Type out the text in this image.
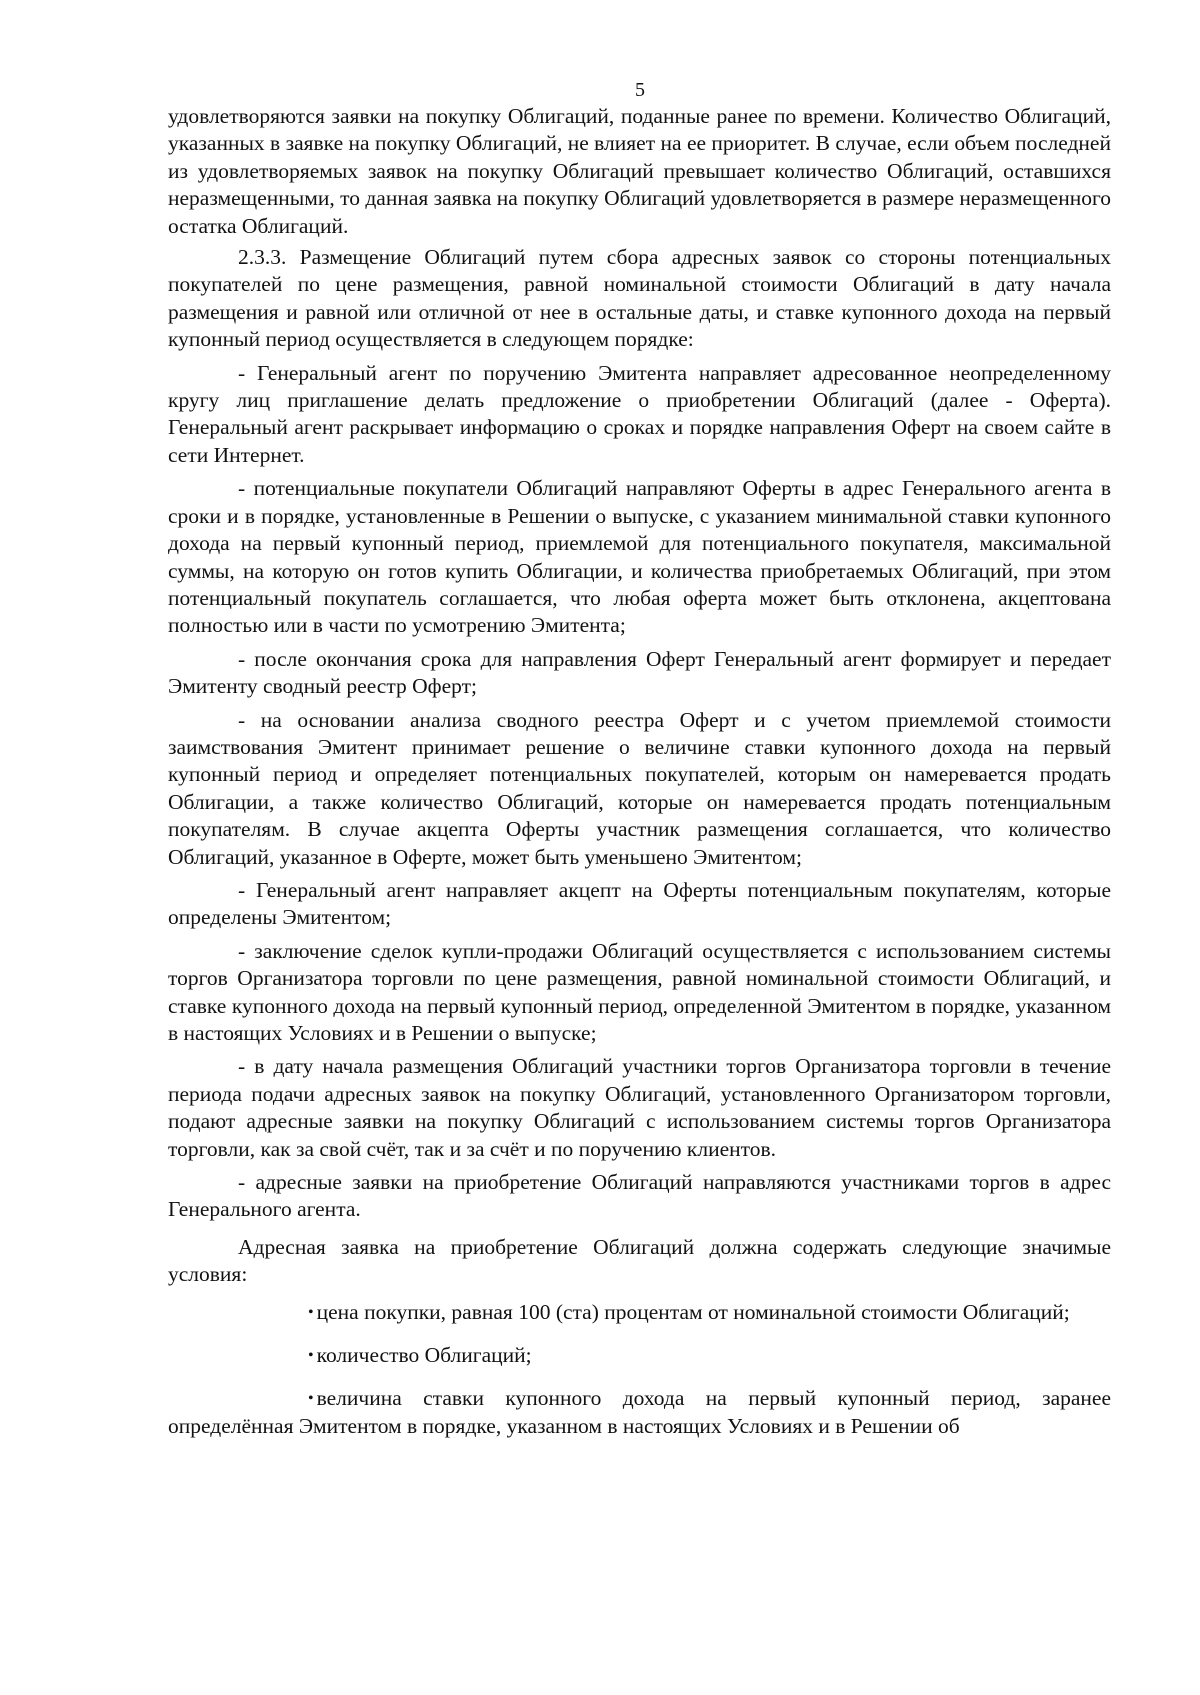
5

удовлетворяются заявки на покупку Облигаций, поданные ранее по времени. Количество Облигаций, указанных в заявке на покупку Облигаций, не влияет на ее приоритет. В случае, если объем последней из удовлетворяемых заявок на покупку Облигаций превышает количество Облигаций, оставшихся неразмещенными, то данная заявка на покупку Облигаций удовлетворяется в размере неразмещенного остатка Облигаций.

2.3.3. Размещение Облигаций путем сбора адресных заявок со стороны потенциальных покупателей по цене размещения, равной номинальной стоимости Облигаций в дату начала размещения и равной или отличной от нее в остальные даты, и ставке купонного дохода на первый купонный период осуществляется в следующем порядке:

- Генеральный агент по поручению Эмитента направляет адресованное неопределенному кругу лиц приглашение делать предложение о приобретении Облигаций (далее - Оферта). Генеральный агент раскрывает информацию о сроках и порядке направления Оферт на своем сайте в сети Интернет.

- потенциальные покупатели Облигаций направляют Оферты в адрес Генерального агента в сроки и в порядке, установленные в Решении о выпуске, с указанием минимальной ставки купонного дохода на первый купонный период, приемлемой для потенциального покупателя, максимальной суммы, на которую он готов купить Облигации, и количества приобретаемых Облигаций, при этом потенциальный покупатель соглашается, что любая оферта может быть отклонена, акцептована полностью или в части по усмотрению Эмитента;

- после окончания срока для направления Оферт Генеральный агент формирует и передает Эмитенту сводный реестр Оферт;

- на основании анализа сводного реестра Оферт и с учетом приемлемой стоимости заимствования Эмитент принимает решение о величине ставки купонного дохода на первый купонный период и определяет потенциальных покупателей, которым он намеревается продать Облигации, а также количество Облигаций, которые он намеревается продать потенциальным покупателям. В случае акцепта Оферты участник размещения соглашается, что количество Облигаций, указанное в Оферте, может быть уменьшено Эмитентом;

- Генеральный агент направляет акцепт на Оферты потенциальным покупателям, которые определены Эмитентом;

- заключение сделок купли-продажи Облигаций осуществляется с использованием системы торгов Организатора торговли по цене размещения, равной номинальной стоимости Облигаций, и ставке купонного дохода на первый купонный период, определенной Эмитентом в порядке, указанном в настоящих Условиях и в Решении о выпуске;

- в дату начала размещения Облигаций участники торгов Организатора торговли в течение периода подачи адресных заявок на покупку Облигаций, установленного Организатором торговли, подают адресные заявки на покупку Облигаций с использованием системы торгов Организатора торговли, как за свой счёт, так и за счёт и по поручению клиентов.

- адресные заявки на приобретение Облигаций направляются участниками торгов в адрес Генерального агента.

Адресная заявка на приобретение Облигаций должна содержать следующие значимые условия:

• цена покупки, равная 100 (ста) процентам от номинальной стоимости Облигаций;

• количество Облигаций;

• величина ставки купонного дохода на первый купонный период, заранее определённая Эмитентом в порядке, указанном в настоящих Условиях и в Решении об
